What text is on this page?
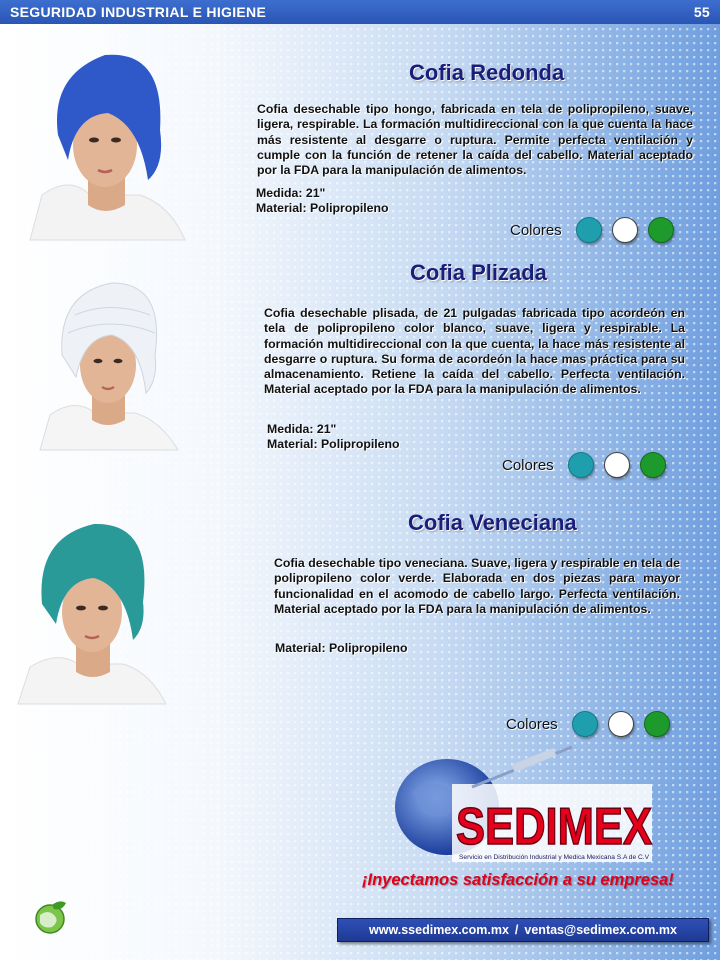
SEGURIDAD INDUSTRIAL E HIGIENE	55
Cofia Redonda
Cofia desechable tipo hongo, fabricada en tela de polipropileno, suave, ligera, respirable. La formación multidireccional con la que cuenta la hace más resistente al desgarre o ruptura. Permite perfecta ventilación y cumple con la función de retener la caída del cabello. Material aceptado por la FDA para la manipulación de alimentos.
Medida: 21"
Material: Polipropileno
Colores
Cofia Plizada
Cofia desechable plisada, de 21 pulgadas fabricada tipo acordeón en tela de polipropileno color blanco, suave, ligera y respirable. La formación multidireccional con la que cuenta, la hace más resistente al desgarre o ruptura. Su forma de acordeón la hace mas práctica para su almacenamiento. Retiene la caída del cabello. Perfecta ventilación. Material aceptado por la FDA para la manipulación de alimentos.
Medida: 21"
Material: Polipropileno
Colores
Cofia Veneciana
Cofia desechable tipo veneciana. Suave, ligera y respirable en tela de polipropileno color verde. Elaborada en dos piezas para mayor funcionalidad en el acomodo de cabello largo. Perfecta ventilación. Material aceptado por la FDA para la manipulación de alimentos.
Material: Polipropileno
Colores
SEDIMEX
Servicio en Distribución Industrial y Medica Mexicana S.A de C.V
¡Inyectamos satisfacción a su empresa!
www.ssedimex.com.mx / ventas@sedimex.com.mx
